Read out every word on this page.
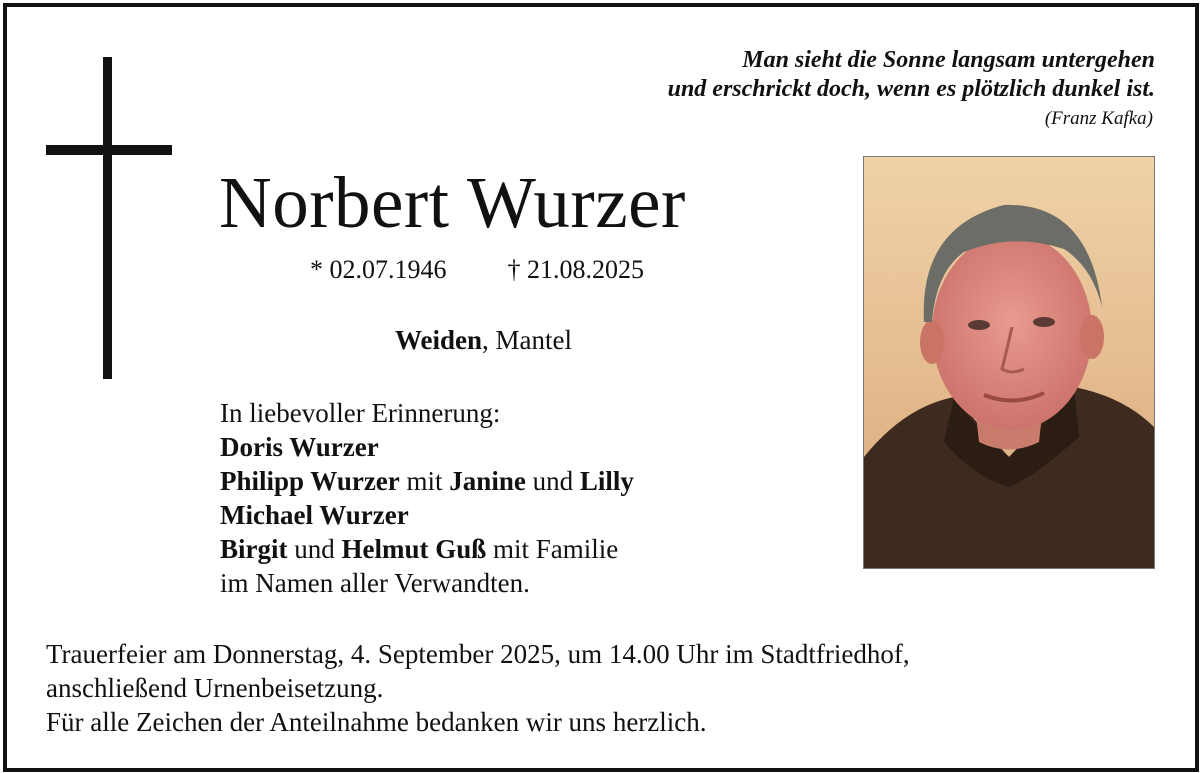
Man sieht die Sonne langsam untergehen
und erschrickt doch, wenn es plötzlich dunkel ist.
(Franz Kafka)
Norbert Wurzer
* 02.07.1946 † 21.08.2025
Weiden, Mantel
In liebevoller Erinnerung:
Doris Wurzer
Philipp Wurzer mit Janine und Lilly
Michael Wurzer
Birgit und Helmut Guß mit Familie
im Namen aller Verwandten.
Trauerfeier am Donnerstag, 4. September 2025, um 14.00 Uhr im Stadtfriedhof,
anschließend Urnenbeisetzung.
Für alle Zeichen der Anteilnahme bedanken wir uns herzlich.
